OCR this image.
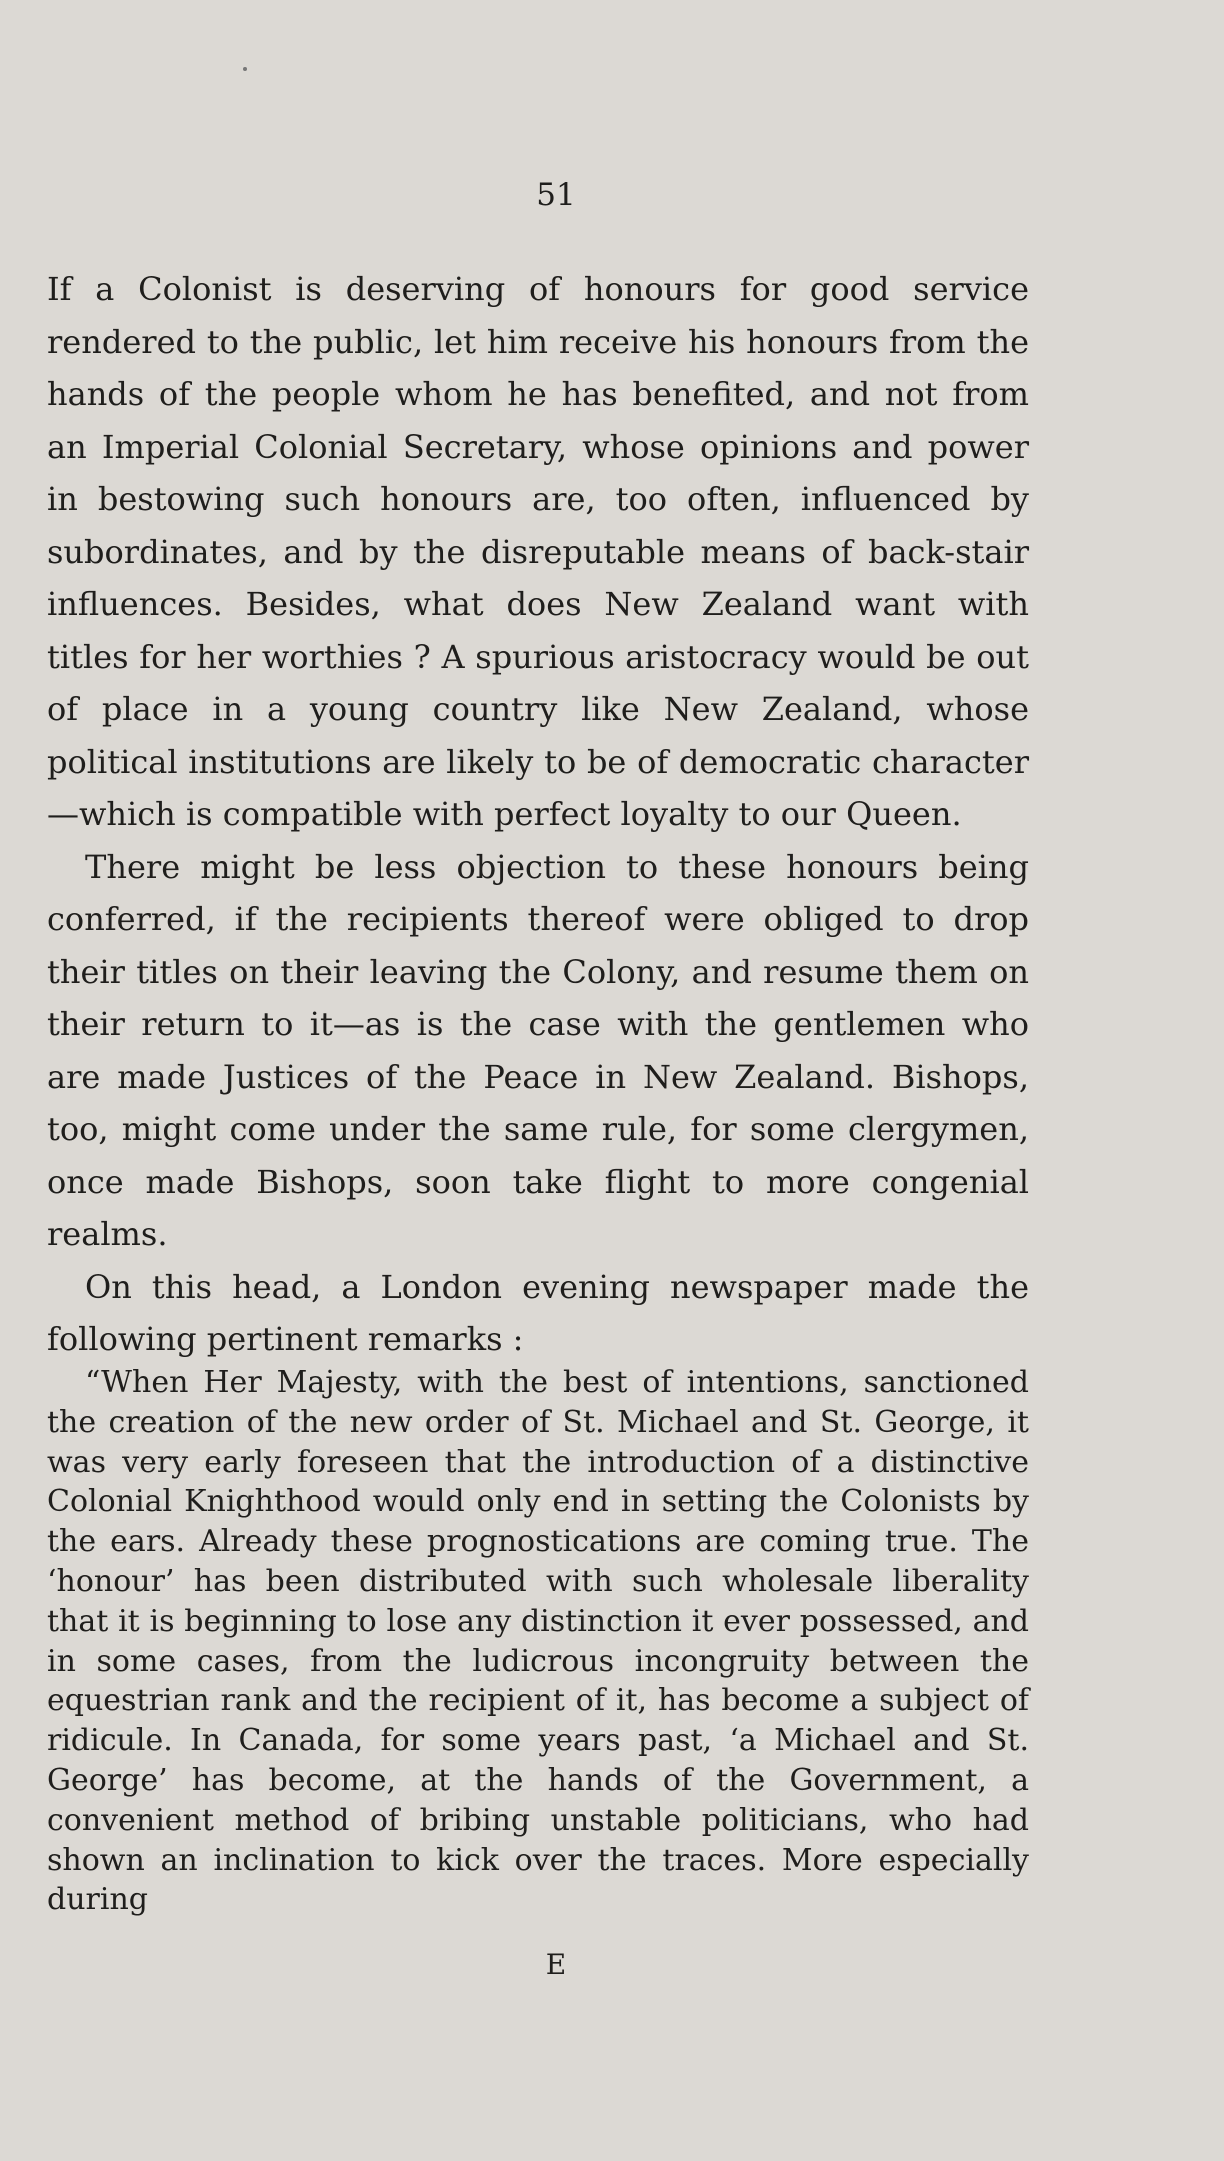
51

If a Colonist is deserving of honours for good service rendered to the public, let him receive his honours from the hands of the people whom he has benefited, and not from an Imperial Colonial Secretary, whose opinions and power in bestowing such honours are, too often, influenced by subordinates, and by the disreputable means of back-stair influences. Besides, what does New Zealand want with titles for her worthies ? A spurious aristocracy would be out of place in a young country like New Zealand, whose political institutions are likely to be of democratic character—which is compatible with perfect loyalty to our Queen.

There might be less objection to these honours being conferred, if the recipients thereof were obliged to drop their titles on their leaving the Colony, and resume them on their return to it—as is the case with the gentlemen who are made Justices of the Peace in New Zealand. Bishops, too, might come under the same rule, for some clergymen, once made Bishops, soon take flight to more congenial realms.

On this head, a London evening newspaper made the following pertinent remarks :

“When Her Majesty, with the best of intentions, sanctioned the creation of the new order of St. Michael and St. George, it was very early foreseen that the introduction of a distinctive Colonial Knighthood would only end in setting the Colonists by the ears. Already these prognostications are coming true. The ‘honour’ has been distributed with such wholesale liberality that it is beginning to lose any distinction it ever possessed, and in some cases, from the ludicrous incongruity between the equestrian rank and the recipient of it, has become a subject of ridicule. In Canada, for some years past, ‘a Michael and St. George’ has become, at the hands of the Government, a convenient method of bribing unstable politicians, who had shown an inclination to kick over the traces. More especially during

E
